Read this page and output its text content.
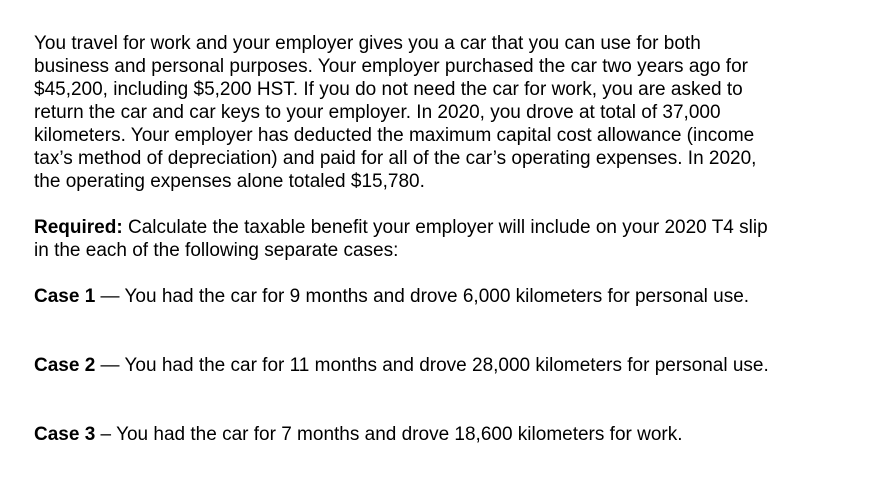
You travel for work and your employer gives you a car that you can use for both
business and personal purposes. Your employer purchased the car two years ago for
$45,200, including $5,200 HST. If you do not need the car for work, you are asked to
return the car and car keys to your employer. In 2020, you drove at total of 37,000
kilometers. Your employer has deducted the maximum capital cost allowance (income
tax’s method of depreciation) and paid for all of the car’s operating expenses. In 2020,
the operating expenses alone totaled $15,780.

Required: Calculate the taxable benefit your employer will include on your 2020 T4 slip
in the each of the following separate cases:

Case 1 — You had the car for 9 months and drove 6,000 kilometers for personal use.

Case 2 — You had the car for 11 months and drove 28,000 kilometers for personal use.

Case 3 – You had the car for 7 months and drove 18,600 kilometers for work.
